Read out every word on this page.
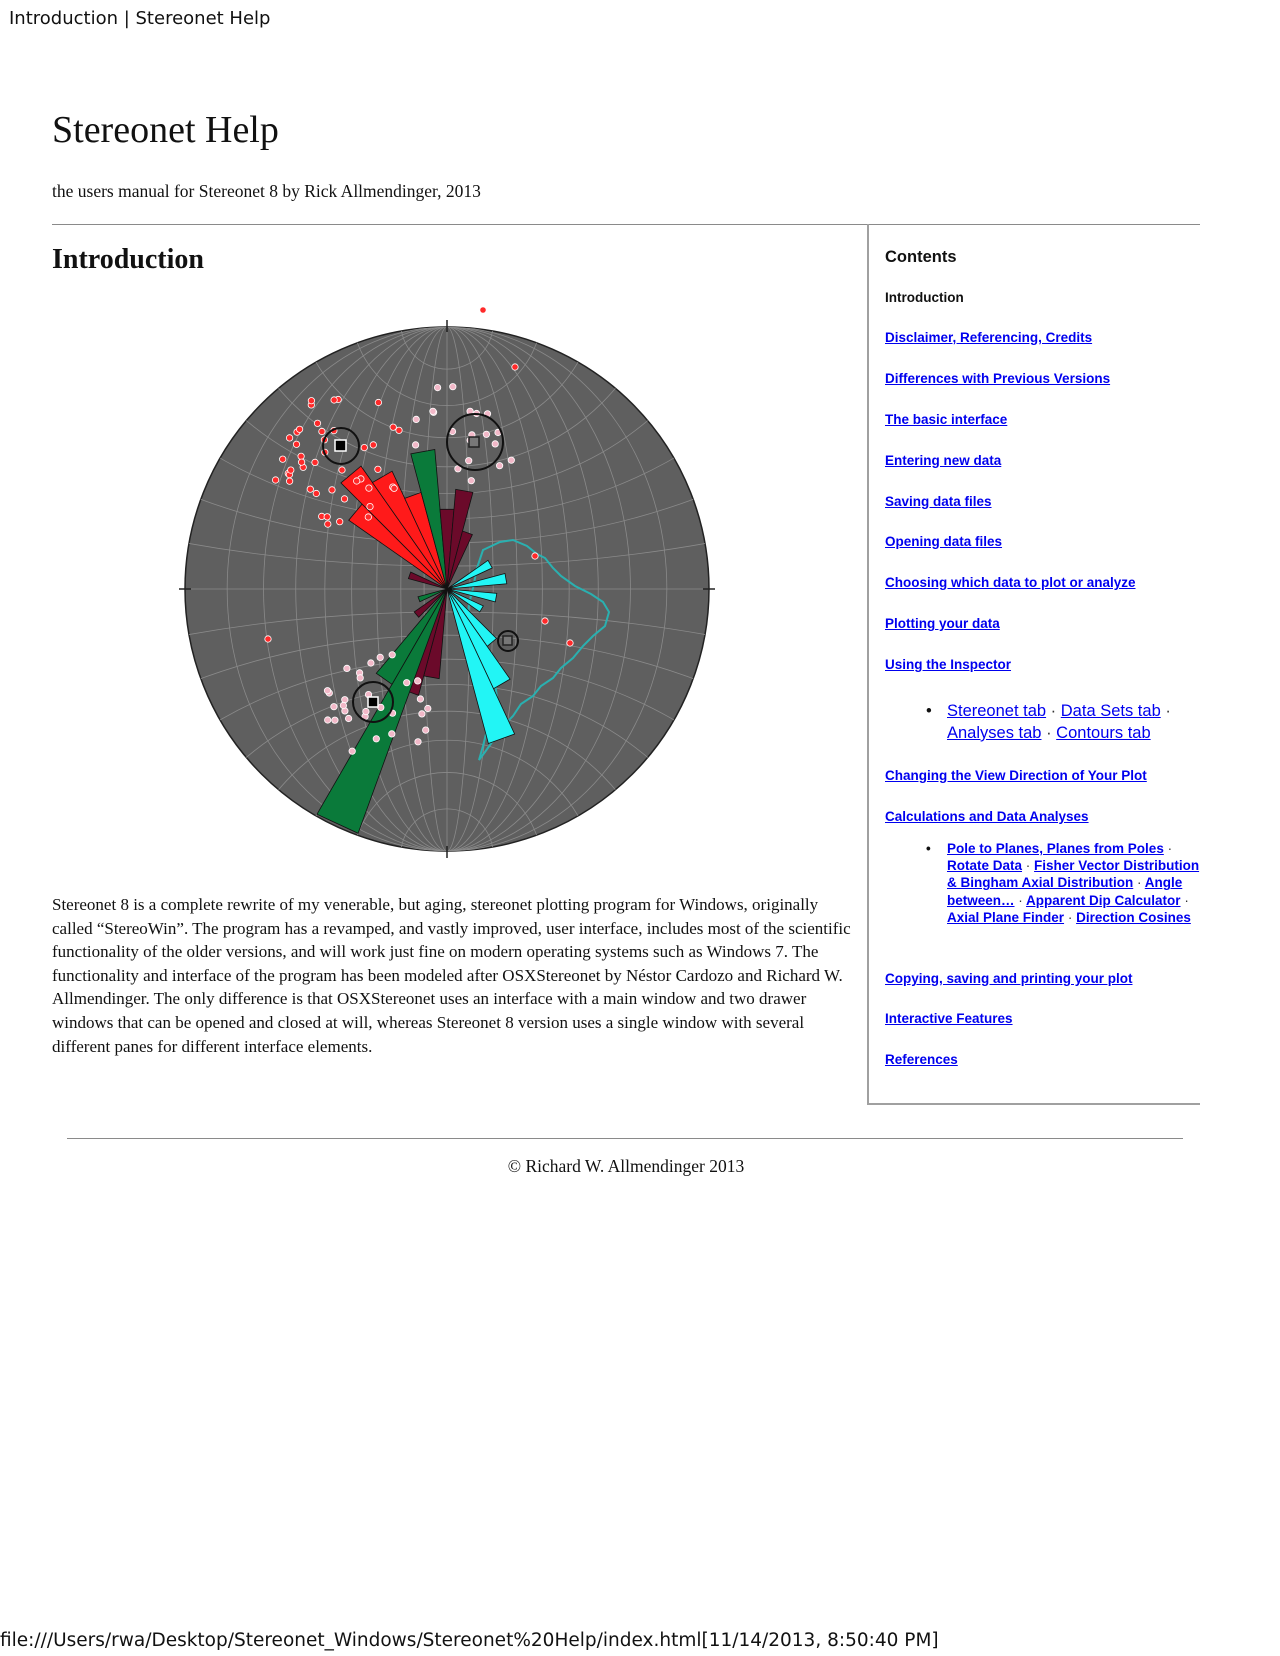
Introduction | Stereonet Help
Stereonet Help

the users manual for Stereonet 8 by Rick Allmendinger, 2013

Introduction

Stereonet 8 is a complete rewrite of my venerable, but aging, stereonet plotting program for Windows, originally called “StereoWin”. The program has a revamped, and vastly improved, user interface, includes most of the scientific functionality of the older versions, and will work just fine on modern operating systems such as Windows 7. The functionality and interface of the program has been modeled after OSXStereonet by Néstor Cardozo and Richard W. Allmendinger. The only difference is that OSXStereonet uses an interface with a main window and two drawer windows that can be opened and closed at will, whereas Stereonet 8 version uses a single window with several different panes for different interface elements.

Contents
Introduction
Disclaimer, Referencing, Credits
Differences with Previous Versions
The basic interface
Entering new data
Saving data files
Opening data files
Choosing which data to plot or analyze
Plotting your data
Using the Inspector
• Stereonet tab · Data Sets tab · Analyses tab · Contours tab
Changing the View Direction of Your Plot
Calculations and Data Analyses
• Pole to Planes, Planes from Poles · Rotate Data · Fisher Vector Distribution & Bingham Axial Distribution · Angle between… · Apparent Dip Calculator · Axial Plane Finder · Direction Cosines
Copying, saving and printing your plot
Interactive Features
References
© Richard W. Allmendinger 2013
file:///Users/rwa/Desktop/Stereonet_Windows/Stereonet%20Help/index.html[11/14/2013, 8:50:40 PM]
